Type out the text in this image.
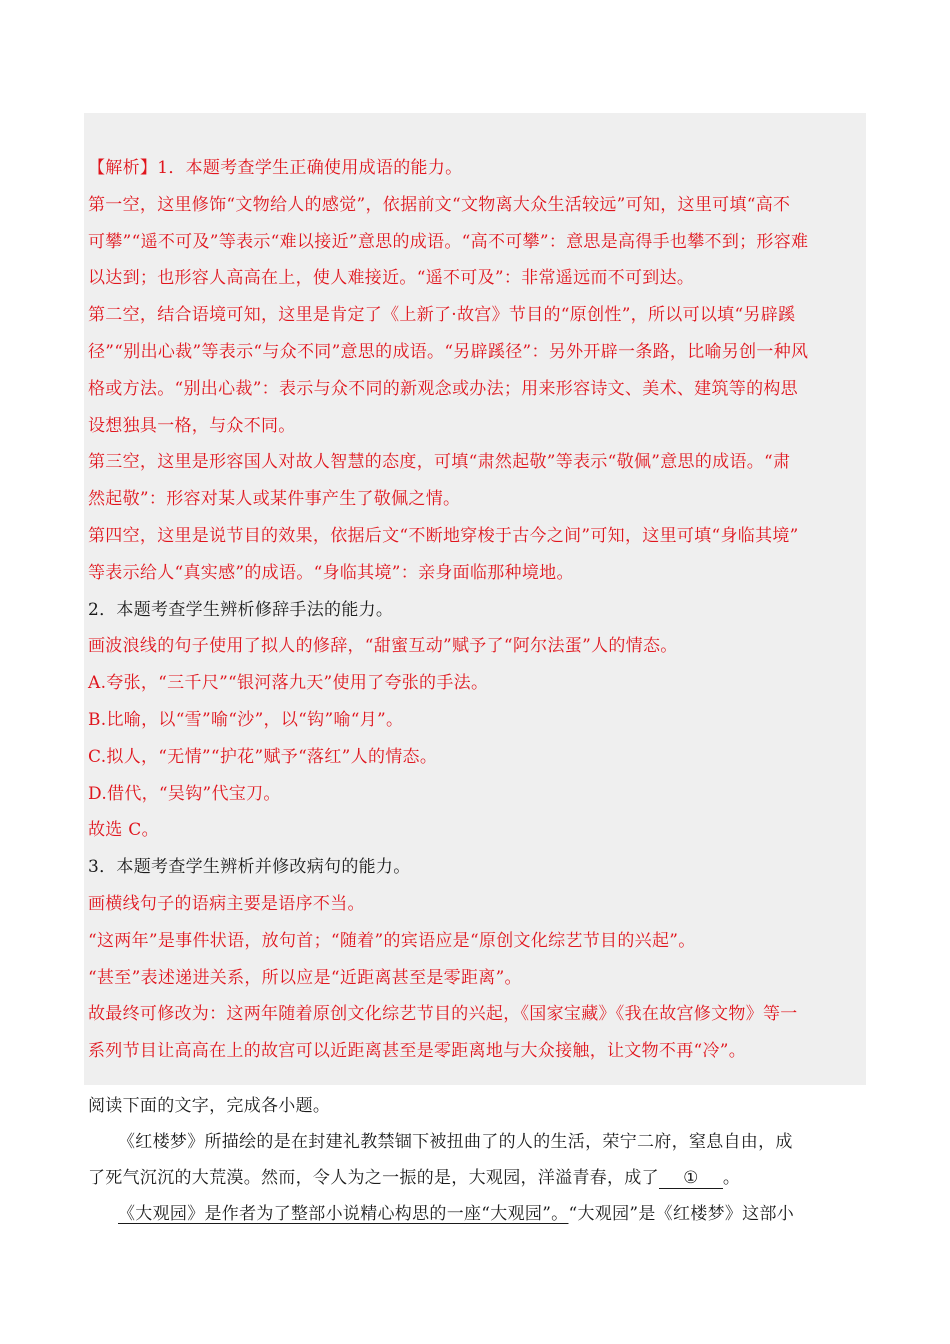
【解析】1．本题考查学生正确使用成语的能力。
第一空，这里修饰“文物给人的感觉”，依据前文“文物离大众生活较远”可知，这里可填“高不
可攀”“遥不可及”等表示“难以接近”意思的成语。“高不可攀”：意思是高得手也攀不到；形容难
以达到；也形容人高高在上，使人难接近。“遥不可及”：非常遥远而不可到达。
第二空，结合语境可知，这里是肯定了《上新了·故宫》节目的“原创性”，所以可以填“另辟蹊
径”“别出心裁”等表示“与众不同”意思的成语。“另辟蹊径”：另外开辟一条路，比喻另创一种风
格或方法。“别出心裁”：表示与众不同的新观念或办法；用来形容诗文、美术、建筑等的构思
设想独具一格，与众不同。
第三空，这里是形容国人对故人智慧的态度，可填“肃然起敬”等表示“敬佩”意思的成语。“肃
然起敬”：形容对某人或某件事产生了敬佩之情。
第四空，这里是说节目的效果，依据后文“不断地穿梭于古今之间”可知，这里可填“身临其境”
等表示给人“真实感”的成语。“身临其境”：亲身面临那种境地。
2．本题考查学生辨析修辞手法的能力。
画波浪线的句子使用了拟人的修辞，“甜蜜互动”赋予了“阿尔法蛋”人的情态。
A.夸张，“三千尺”“银河落九天”使用了夸张的手法。
B.比喻，以“雪”喻“沙”，以“钩”喻“月”。
C.拟人，“无情”“护花”赋予“落红”人的情态。
D.借代，“吴钩”代宝刀。
故选 C。
3．本题考查学生辨析并修改病句的能力。
画横线句子的语病主要是语序不当。
“这两年”是事件状语，放句首；“随着”的宾语应是“原创文化综艺节目的兴起”。
“甚至”表述递进关系，所以应是“近距离甚至是零距离”。
故最终可修改为：这两年随着原创文化综艺节目的兴起，《国家宝藏》《我在故宫修文物》等一
系列节目让高高在上的故宫可以近距离甚至是零距离地与大众接触，让文物不再“冷”。
阅读下面的文字，完成各小题。
《红楼梦》所描绘的是在封建礼教禁锢下被扭曲了的人的生活，荣宁二府，窒息自由，成
了死气沉沉的大荒漠。然而，令人为之一振的是，大观园，洋溢青春，成了 ① 。
《大观园》是作者为了整部小说精心构思的一座“大观园”。“大观园”是《红楼梦》这部小
